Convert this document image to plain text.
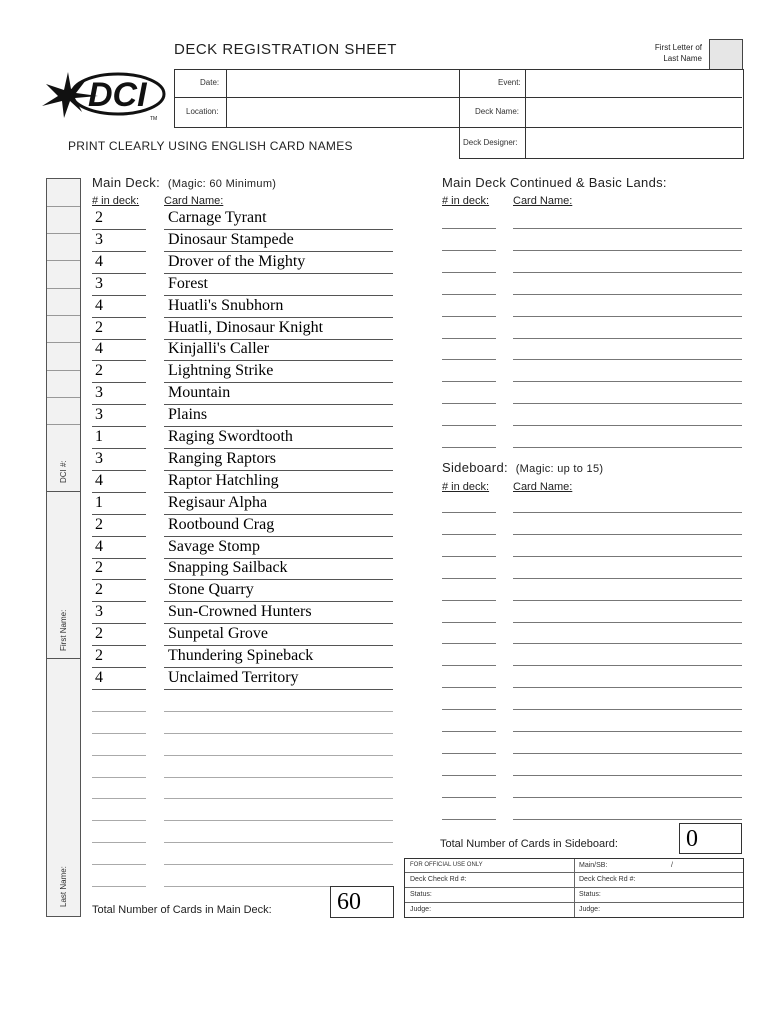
DECK REGISTRATION SHEET	First Letter of
Last Name
DCI
TM
Date:
Location:
Event:
Deck Name:
Deck Designer:
PRINT CLEARLY USING ENGLISH CARD NAMES
DCI #:
First Name:
Last Name:
Main Deck: (Magic: 60 Minimum)
# in deck: Card Name:
2	Carnage Tyrant
3	Dinosaur Stampede
4	Drover of the Mighty
3	Forest
4	Huatli's Snubhorn
2	Huatli, Dinosaur Knight
4	Kinjalli's Caller
2	Lightning Strike
3	Mountain
3	Plains
1	Raging Swordtooth
3	Ranging Raptors
4	Raptor Hatchling
1	Regisaur Alpha
2	Rootbound Crag
4	Savage Stomp
2	Snapping Sailback
2	Stone Quarry
3	Sun-Crowned Hunters
2	Sunpetal Grove
2	Thundering Spineback
4	Unclaimed Territory
Main Deck Continued & Basic Lands:
# in deck: Card Name:
Sideboard: (Magic: up to 15)
# in deck: Card Name:
Total Number of Cards in Sideboard:	0
Total Number of Cards in Main Deck:	60
FOR OFFICIAL USE ONLY	Main/SB:	/
Deck Check Rd #:	Deck Check Rd #:
Status:	Status:
Judge:	Judge:
